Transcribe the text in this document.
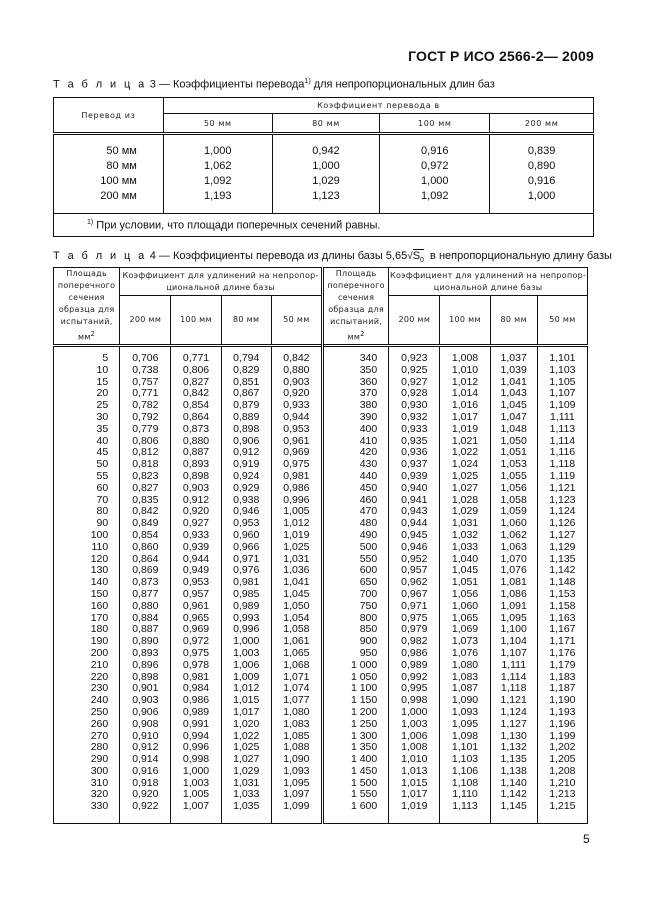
ГОСТ Р ИСО 2566-2— 2009
Т а б л и ц а 3 — Коэффициенты перевода$^{1)}$ для непропорциональных длин баз
Перевод из	Коэффициент перевода в			
	50 мм	80 мм	100 мм	200 мм

50 мм	1,000	0,942	0,916	0,839
80 мм	1,062	1,000	0,972	0,890
100 мм	1,092	1,029	1,000	0,916
200 мм	1,193	1,123	1,092	1,000
$^{1)}$ При условии, что площади поперечных сечений равны.				
Т а б л и ц а 4 — Коэффициенты перевода из длины базы $5,65√S_0$  в непропорциональную длину базы
Площадь поперечного сечения образца для испытаний, $мм^2$	Коэффициент для удлинений на непропор-циональной длине базы				Площадь поперечного сечения образца для испытаний, $мм^2$	Коэффициент для удлинений на непропор-циональной длине базы			
	200 мм	100 мм	80 мм	50 мм		200 мм	100 мм	80 мм	50 мм

5	0,706	0,771	0,794	0,842	340	0,923	1,008	1,037	1,101
10	0,738	0,806	0,829	0,880	350	0,925	1,010	1,039	1,103
15	0,757	0,827	0,851	0,903	360	0,927	1,012	1,041	1,105
20	0,771	0,842	0,867	0,920	370	0,928	1,014	1,043	1,107
25	0,782	0,854	0,879	0,933	380	0,930	1,016	1,045	1,109
30	0,792	0,864	0,889	0,944	390	0,932	1,017	1,047	1,111
35	0,779	0,873	0,898	0,953	400	0,933	1,019	1,048	1,113
40	0,806	0,880	0,906	0,961	410	0,935	1,021	1,050	1,114
45	0,812	0,887	0,912	0,969	420	0,936	1,022	1,051	1,116
50	0,818	0,893	0,919	0,975	430	0,937	1,024	1,053	1,118
55	0,823	0,898	0,924	0,981	440	0,939	1,025	1,055	1,119
60	0,827	0,903	0,929	0,986	450	0,940	1,027	1,056	1,121
70	0,835	0,912	0,938	0,996	460	0,941	1,028	1,058	1,123
80	0,842	0,920	0,946	1,005	470	0,943	1,029	1,059	1,124
90	0,849	0,927	0,953	1,012	480	0,944	1,031	1,060	1,126
100	0,854	0,933	0,960	1,019	490	0,945	1,032	1,062	1,127
110	0,860	0,939	0,966	1,025	500	0,946	1,033	1,063	1,129
120	0,864	0,944	0,971	1,031	550	0,952	1,040	1,070	1,135
130	0,869	0,949	0,976	1,036	600	0,957	1,045	1,076	1,142
140	0,873	0,953	0,981	1,041	650	0,962	1,051	1,081	1,148
150	0,877	0,957	0,985	1,045	700	0,967	1,056	1,086	1,153
160	0,880	0,961	0,989	1,050	750	0,971	1,060	1,091	1,158
170	0,884	0,965	0,993	1,054	800	0,975	1,065	1,095	1,163
180	0,887	0,969	0,996	1,058	850	0,979	1,069	1,100	1,167
190	0,890	0,972	1,000	1,061	900	0,982	1,073	1,104	1,171
200	0,893	0,975	1,003	1,065	950	0,986	1,076	1,107	1,176
210	0,896	0,978	1,006	1,068	1 000	0,989	1,080	1,111	1,179
220	0,898	0,981	1,009	1,071	1 050	0,992	1,083	1,114	1,183
230	0,901	0,984	1,012	1,074	1 100	0,995	1,087	1,118	1,187
240	0,903	0,986	1,015	1,077	1 150	0,998	1,090	1,121	1,190
250	0,906	0,989	1,017	1,080	1 200	1,000	1,093	1,124	1,193
260	0,908	0,991	1,020	1,083	1 250	1,003	1,095	1,127	1,196
270	0,910	0,994	1,022	1,085	1 300	1,006	1,098	1,130	1,199
280	0,912	0,996	1,025	1,088	1 350	1,008	1,101	1,132	1,202
290	0,914	0,998	1,027	1,090	1 400	1,010	1,103	1,135	1,205
300	0,916	1,000	1,029	1,093	1 450	1,013	1,106	1,138	1,208
310	0,918	1,003	1,031	1,095	1 500	1,015	1,108	1,140	1,210
320	0,920	1,005	1,033	1,097	1 550	1,017	1,110	1,142	1,213
330	0,922	1,007	1,035	1,099	1 600	1,019	1,113	1,145	1,215
5
